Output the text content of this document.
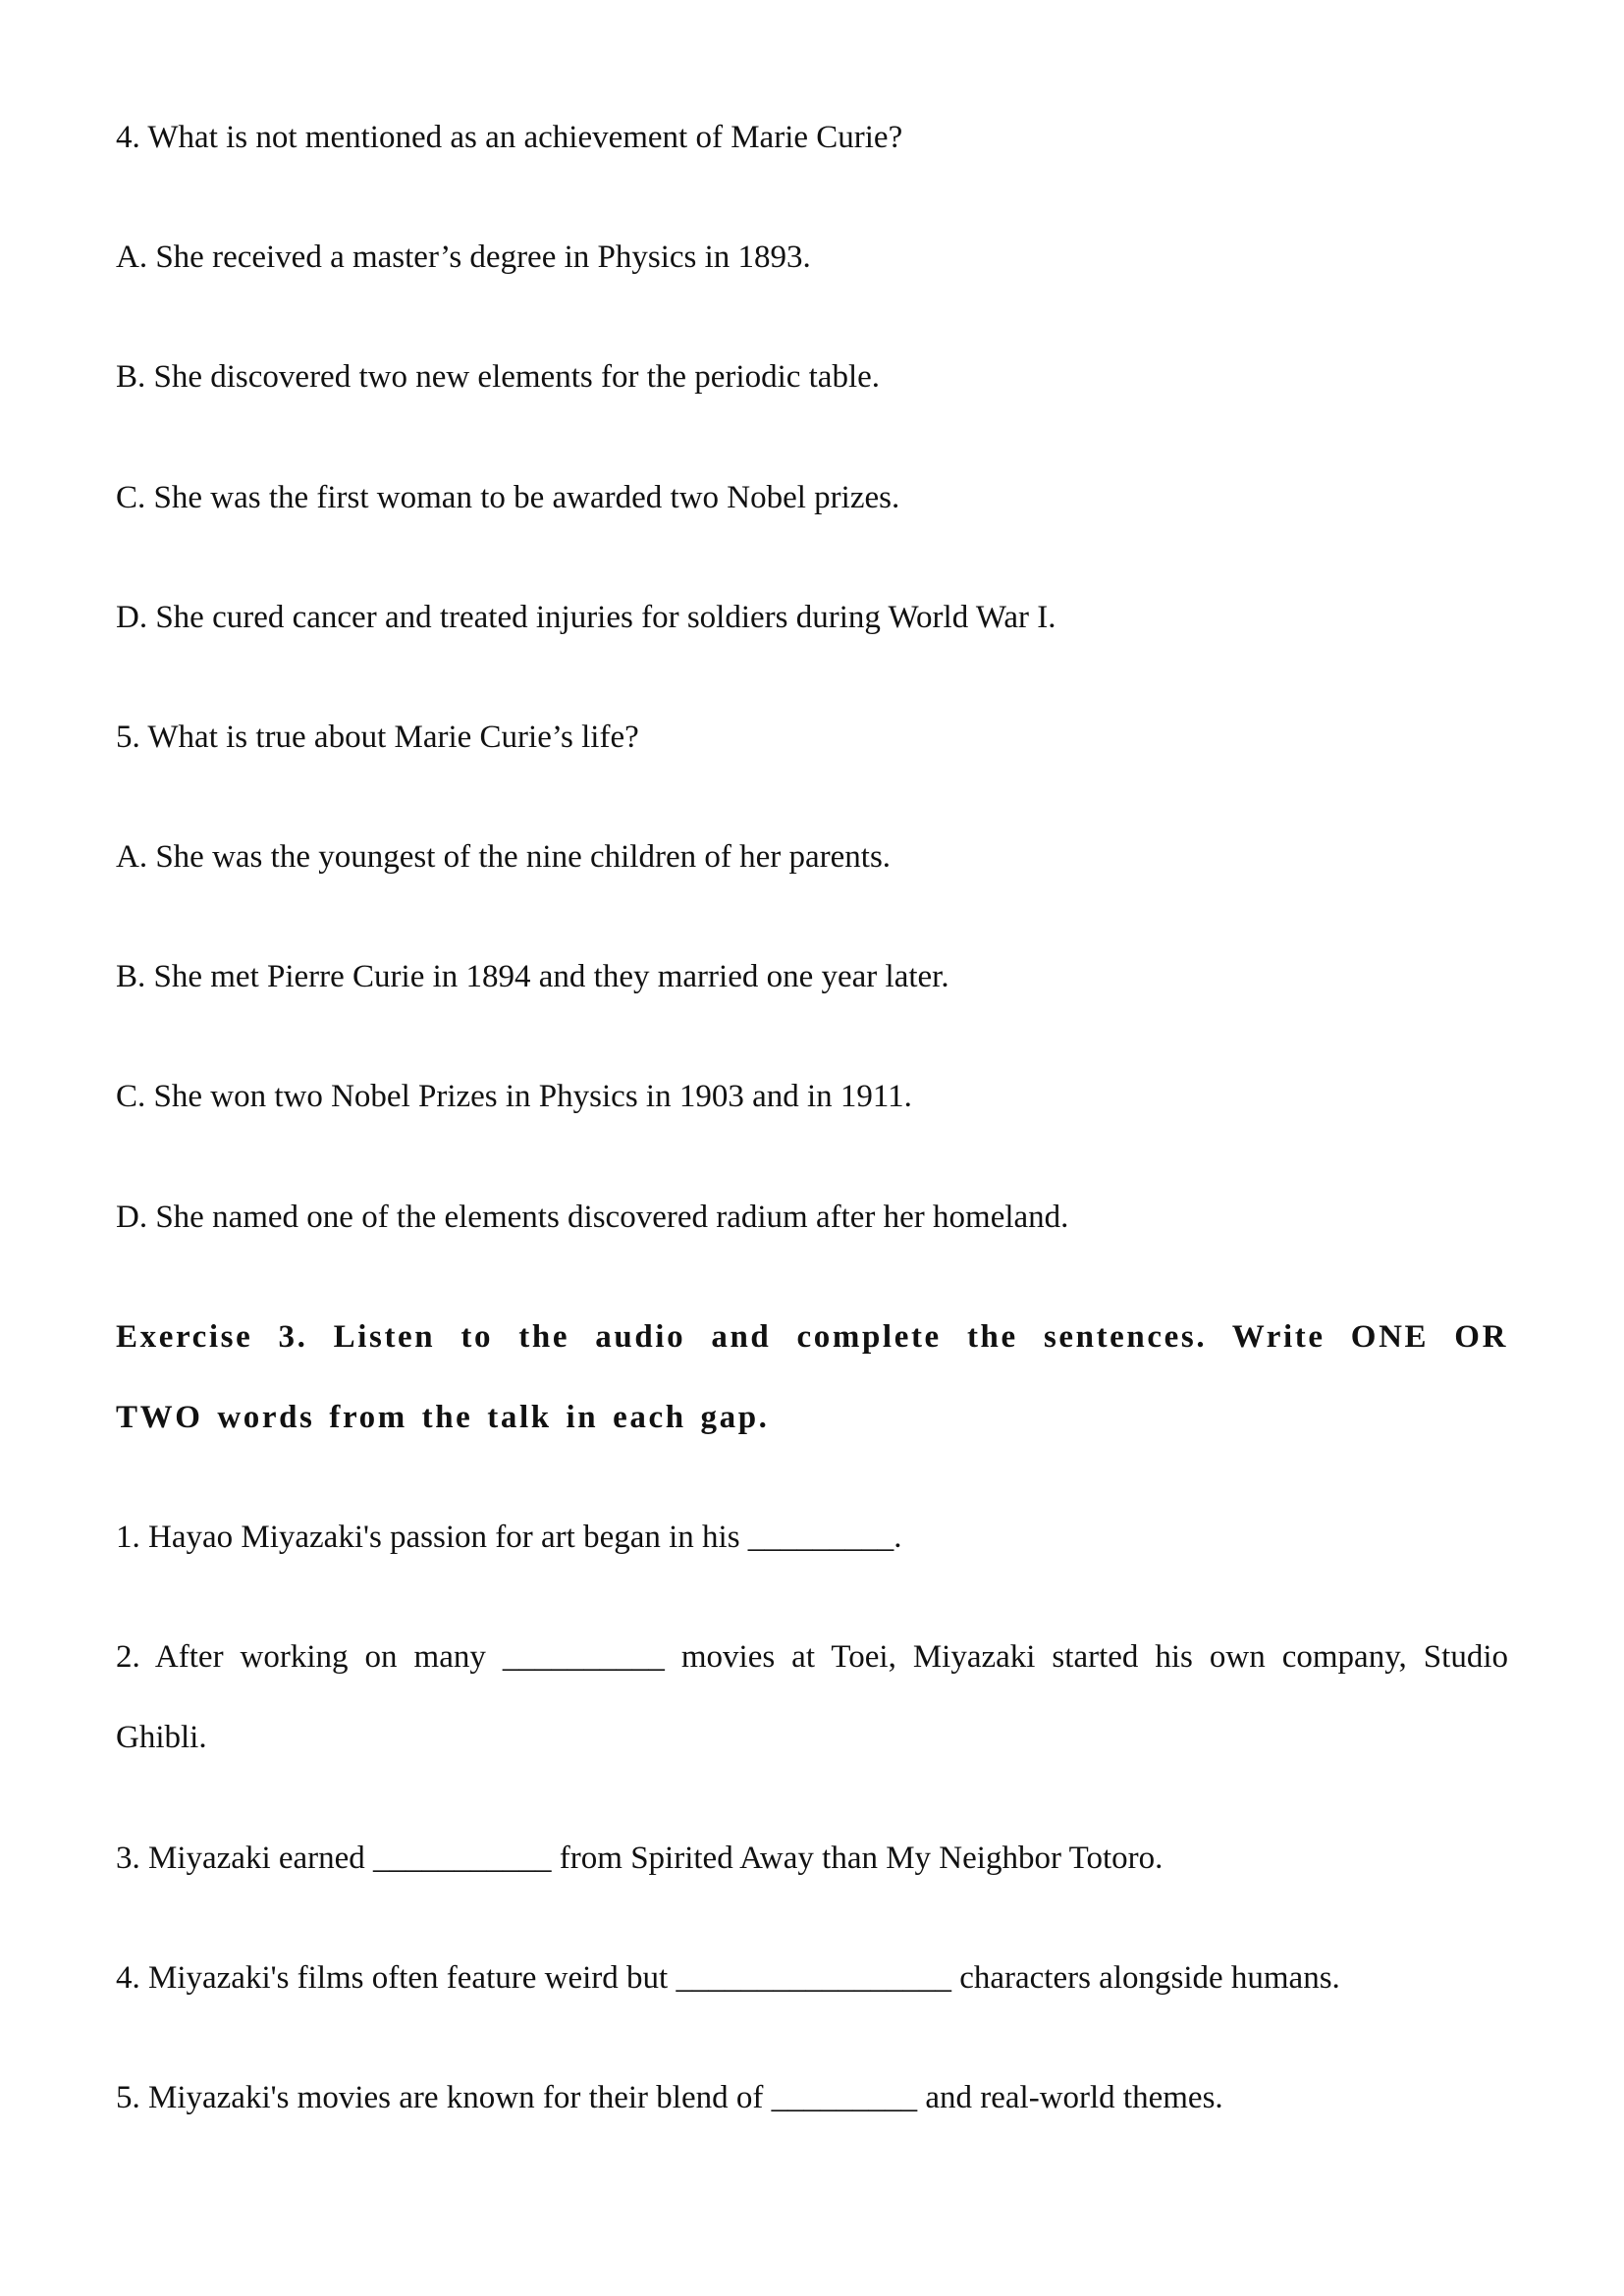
4. What is not mentioned as an achievement of Marie Curie?
A. She received a master’s degree in Physics in 1893.
B. She discovered two new elements for the periodic table.
C. She was the first woman to be awarded two Nobel prizes.
D. She cured cancer and treated injuries for soldiers during World War I.
5. What is true about Marie Curie’s life?
A. She was the youngest of the nine children of her parents.
B. She met Pierre Curie in 1894 and they married one year later.
C. She won two Nobel Prizes in Physics in 1903 and in 1911.
D. She named one of the elements discovered radium after her homeland.
Exercise 3. Listen to the audio and complete the sentences. Write ONE OR
TWO words from the talk in each gap.
1. Hayao Miyazaki's passion for art began in his _________.
2. After working on many __________ movies at Toei, Miyazaki started his own company, Studio
Ghibli.
3. Miyazaki earned ___________ from Spirited Away than My Neighbor Totoro.
4. Miyazaki's films often feature weird but _________________ characters alongside humans.
5. Miyazaki's movies are known for their blend of _________ and real-world themes.
